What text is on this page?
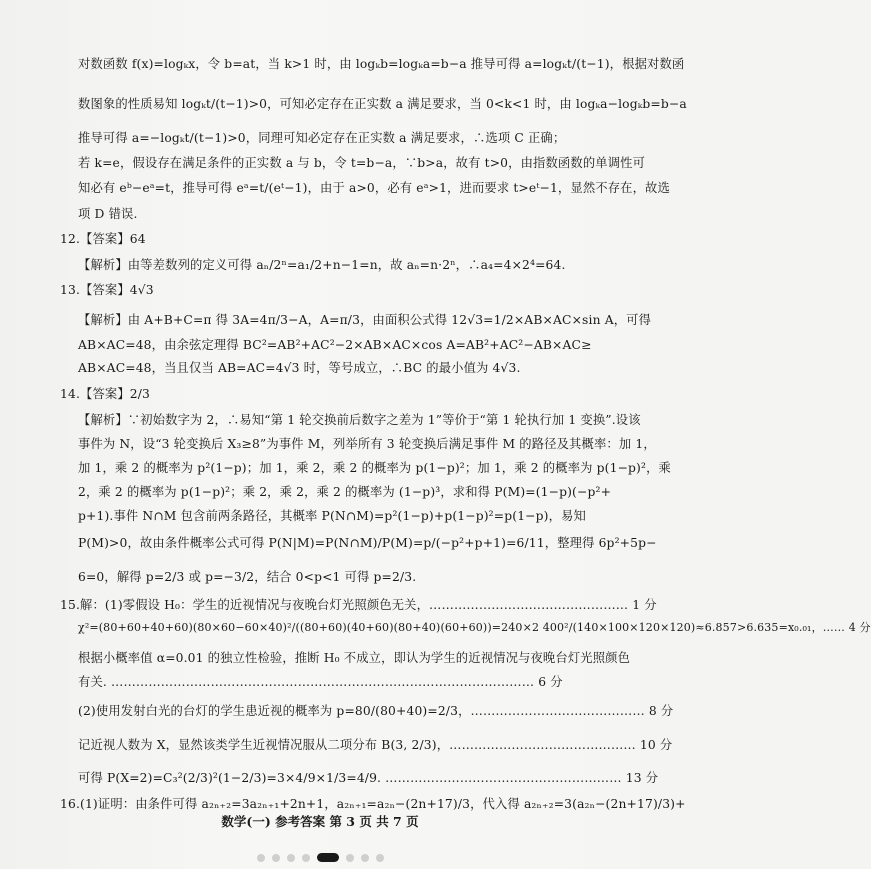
对数函数 f(x)=logₖx，令 b=at，当 k>1 时，由 logₖb=logₖa=b−a 推导可得 a=logₖt/(t−1)，根据对数函
数图象的性质易知 logₖt/(t−1)>0，可知必定存在正实数 a 满足要求，当 0<k<1 时，由 logₖa−logₖb=b−a
推导可得 a=−logₖt/(t−1)>0，同理可知必定存在正实数 a 满足要求，∴选项 C 正确；
若 k=e，假设存在满足条件的正实数 a 与 b，令 t=b−a，∵b>a，故有 t>0，由指数函数的单调性可
知必有 eᵇ−eᵃ=t，推导可得 eᵃ=t/(eᵗ−1)，由于 a>0，必有 eᵃ>1，进而要求 t>eᵗ−1，显然不存在，故选
项 D 错误.
12.【答案】64
【解析】由等差数列的定义可得 aₙ/2ⁿ=a₁/2+n−1=n，故 aₙ=n·2ⁿ，∴a₄=4×2⁴=64.
13.【答案】4√3
【解析】由 A+B+C=π 得 3A=4π/3−A，A=π/3，由面积公式得 12√3=1/2×AB×AC×sin A，可得
AB×AC=48，由余弦定理得 BC²=AB²+AC²−2×AB×AC×cos A=AB²+AC²−AB×AC≥
AB×AC=48，当且仅当 AB=AC=4√3 时，等号成立，∴BC 的最小值为 4√3.
14.【答案】2/3
【解析】∵初始数字为 2，∴易知“第 1 轮交换前后数字之差为 1”等价于“第 1 轮执行加 1 变换”.设该
事件为 N，设“3 轮变换后 X₃≥8”为事件 M，列举所有 3 轮变换后满足事件 M 的路径及其概率：加 1，
加 1，乘 2 的概率为 p²(1−p)；加 1，乘 2，乘 2 的概率为 p(1−p)²；加 1，乘 2 的概率为 p(1−p)²，乘
2，乘 2 的概率为 p(1−p)²；乘 2，乘 2，乘 2 的概率为 (1−p)³，求和得 P(M)=(1−p)(−p²+
p+1).事件 N∩M 包含前两条路径，其概率 P(N∩M)=p²(1−p)+p(1−p)²=p(1−p)，易知
P(M)>0，故由条件概率公式可得 P(N|M)=P(N∩M)/P(M)=p/(−p²+p+1)=6/11，整理得 6p²+5p−
6=0，解得 p=2/3 或 p=−3/2，结合 0<p<1 可得 p=2/3.
15.解：(1)零假设 H₀：学生的近视情况与夜晚台灯光照颜色无关，………………………………………… 1 分
χ²=(80+60+40+60)(80×60−60×40)²/((80+60)(40+60)(80+40)(60+60))=240×2 400²/(140×100×120×120)≈6.857>6.635=x₀.₀₁，…… 4 分
根据小概率值 α=0.01 的独立性检验，推断 H₀ 不成立，即认为学生的近视情况与夜晚台灯光照颜色
有关. ………………………………………………………………………………………… 6 分
(2)使用发射白光的台灯的学生患近视的概率为 p=80/(80+40)=2/3，…………………………………… 8 分
记近视人数为 X，显然该类学生近视情况服从二项分布 B(3, 2/3)，……………………………………… 10 分
可得 P(X=2)=C₃²(2/3)²(1−2/3)=3×4/9×1/3=4/9. ………………………………………………… 13 分
16.(1)证明：由条件可得 a₂ₙ₊₂=3a₂ₙ₊₁+2n+1，a₂ₙ₊₁=a₂ₙ−(2n+17)/3，代入得 a₂ₙ₊₂=3(a₂ₙ−(2n+17)/3)+
数学(一) 参考答案 第 3 页 共 7 页
